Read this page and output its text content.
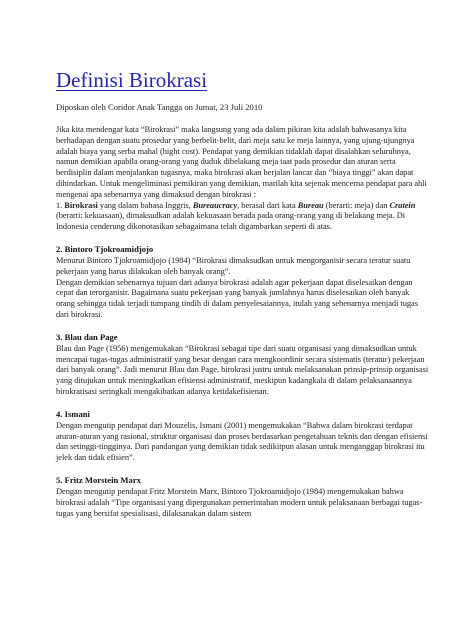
Definisi Birokrasi
Diposkan oleh Coridor Anak Tangga on Jumat, 23 Juli 2010

Jika kita mendengar kata “Birokrasi” maka langsung yang ada dalam pikiran kita adalah bahwasanya kita berhadapan dengan suatu prosedur yang berbelit-belit, dari meja satu ke meja lainnya, yang ujung-ujungnya adalah biaya yang serba mahal (hight cost). Pendapat yang demikian tidaklah dapat disalahkan seluruhnya, namun demikian apabila orang-orang yang duduk dibelakang meja taat pada prosedur dan aturan serta berdisiplin dalam menjalankan tugasnya, maka birokrasi akan berjalan lancar dan “biaya tinggi” akan dapat dihindarkan. Untuk mengeliminasi pemikiran yang demikian, marilah kita sejenak mencerna pendapat para ahli mengenai apa sebenarnya yang dimaksud dengan birokrasi :

1. Birokrasi yang dalam bahasa Inggris, Bureaucracy, berasal dari kata Bureau (berarti: meja) dan Cratein (berarti: kekuasaan), dimaksudkan adalah kekuasaan berada pada orang-orang yang di belakang meja. Di Indonesia cenderung dikonotasikan sebagaimana telah digambarkan seperti di atas.

2. Bintoro Tjokroamidjojo

Menurut Bintoro Tjokroamidjojo (1984) “Birokrasi dimaksudkan untuk mengorganisir secara teratur suatu pekerjaan yang harus dilakukan oleh banyak orang”.

Dengan demikian sebenarnya tujuan dari adanya birokrasi adalah agar pekerjaan dapat diselesaikan dengan cepat dan terorganisir. Bagaimana suatu pekerjaan yang banyak jumlahnya harus diselesaikan oleh banyak orang sehingga tidak terjadi tumpang tindih di dalam penyelesaiannya, itulah yang sebenarnya menjadi tugas dari birokrasi.

3. Blau dan Page

Blau dan Page (1956) mengemukakan “Birokrasi sebagai tipe dari suatu organisasi yang dimaksudkan untuk mencapai tugas-tugas administratif yang besar dengan cara mengkoordinir secara sistematis (teratur) pekerjaan dari banyak orang”. Jadi menurut Blau dan Page, birokrasi justru untuk melaksanakan prinsip-prinsip organisasi yang ditujukan untuk meningkatkan efisiensi administratif, meskipun kadangkala di dalam pelaksanaannya birokratisasi seringkali mengakibatkan adanya ketidakefisienan.

4. Ismani

Dengan mengutip pendapat dari Mouzelis, Ismani (2001) mengemukakan “Bahwa dalam birokrasi terdapat aturan-aturan yang rasional, struktur organisasi dan proses berdasarkan pengetahuan teknis dan dengan efisiensi dan setinggi-tingginya. Dari pandangan yang demikian tidak sedikitpun alasan untuk menganggap birokrasi itu jelek dan tidak efisien”.

5. Fritz Morstein Marx

Dengan mengutip pendapat Fritz Morstein Marx, Bintoro Tjokroamidjojo (1984) mengemukakan bahwa birokrasi adalah “Tipe organisasi yang dipergunakan pemerintahan modern untuk pelaksanaan berbagai tugas-tugas yang bersifat spesialisasi, dilaksanakan dalam sistem
